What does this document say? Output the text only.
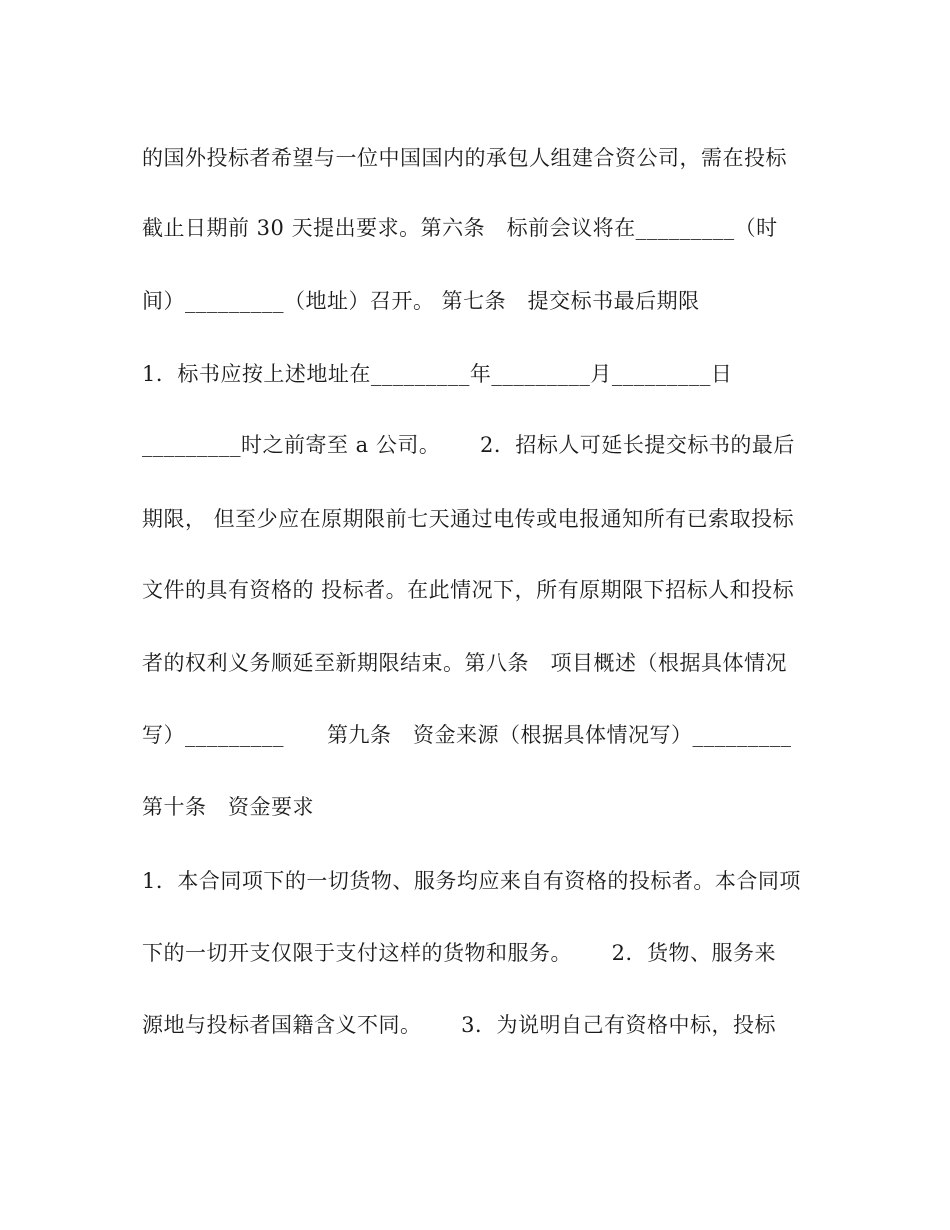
的国外投标者希望与一位中国国内的承包人组建合资公司，需在投标
截止日期前 30 天提出要求。第六条　标前会议将在_________（时
间）_________（地址）召开。 第七条　提交标书最后期限
1．标书应按上述地址在_________年_________月_________日
_________时之前寄至 a 公司。　　 2．招标人可延长提交标书的最后
期限， 但至少应在原期限前七天通过电传或电报通知所有已索取投标
文件的具有资格的 投标者。在此情况下，所有原期限下招标人和投标
者的权利义务顺延至新期限结束。第八条　项目概述（根据具体情况
写）_________　　第九条　资金来源（根据具体情况写）_________
第十条　资金要求
1．本合同项下的一切货物、服务均应来自有资格的投标者。本合同项
下的一切开支仅限于支付这样的货物和服务。　　 2．货物、服务来
源地与投标者国籍含义不同。　　 3．为说明自己有资格中标，投标
